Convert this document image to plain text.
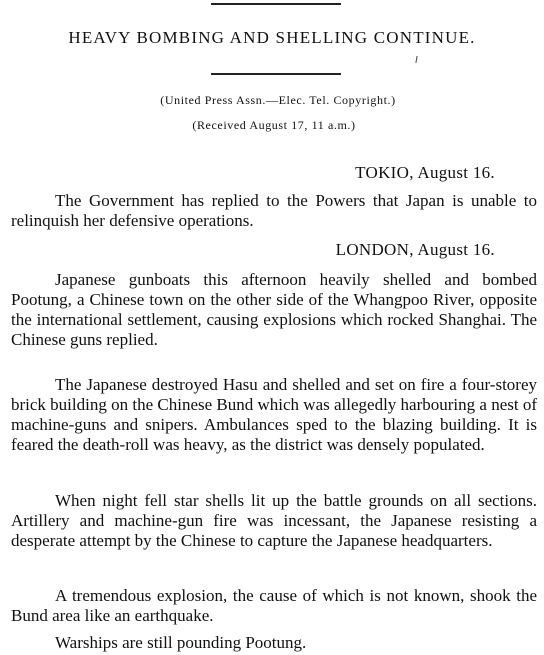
HEAVY BOMBING AND SHELLING CONTINUE.

(United Press Assn.—Elec. Tel. Copyright.)

(Received August 17, 11 a.m.)

TOKIO, August 16.

The Government has replied to the Powers that Japan is unable to relinquish her defensive operations.

LONDON, August 16.

Japanese gunboats this afternoon heavily shelled and bombed Pootung, a Chinese town on the other side of the Whangpoo River, opposite the international settlement, causing explosions which rocked Shanghai. The Chinese guns replied.

The Japanese destroyed Hasu and shelled and set on fire a four-storey brick building on the Chinese Bund which was allegedly harbouring a nest of machine-guns and snipers. Ambulances sped to the blazing building. It is feared the death-roll was heavy, as the district was densely populated.

When night fell star shells lit up the battle grounds on all sections. Artillery and machine-gun fire was incessant, the Japanese resisting a desperate attempt by the Chinese to capture the Japanese headquarters.

A tremendous explosion, the cause of which is not known, shook the Bund area like an earthquake.

Warships are still pounding Pootung.
